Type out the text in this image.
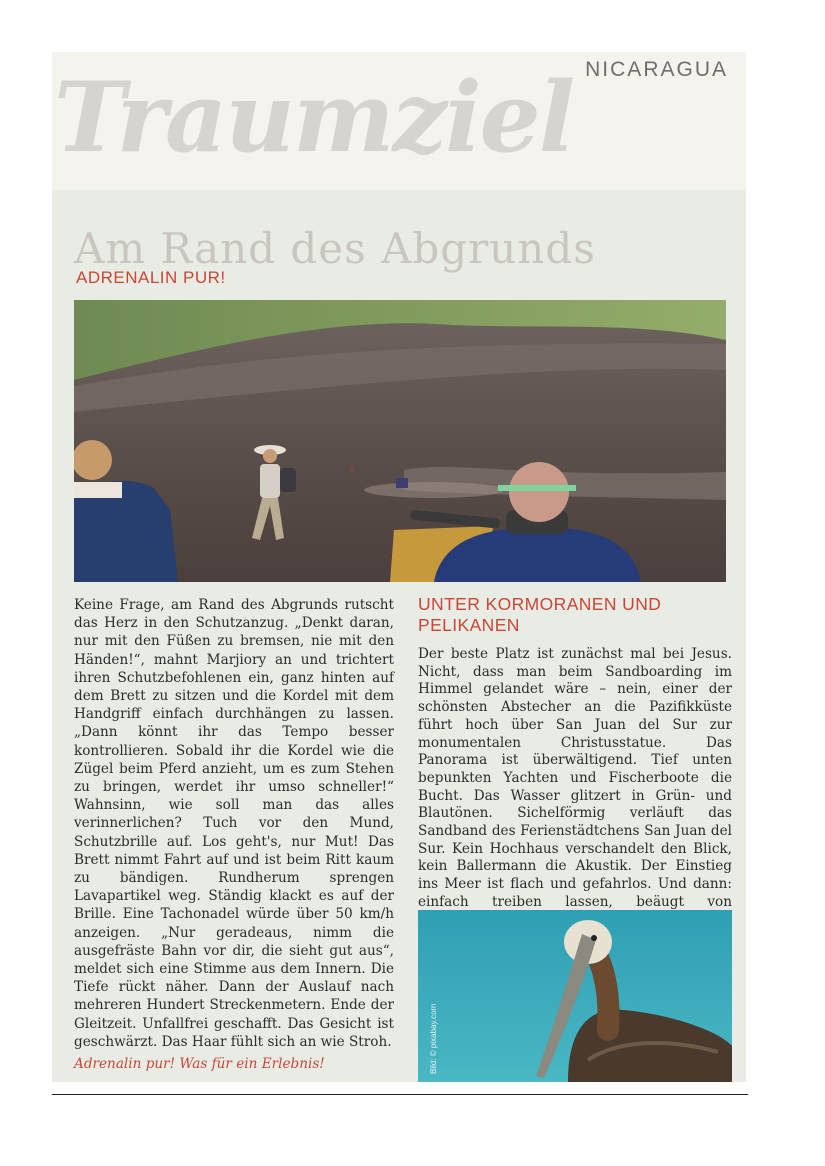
NICARAGUA
Traumziel
Am Rand des Abgrunds
ADRENALIN PUR!
Keine Frage, am Rand des Abgrunds rutscht das Herz in den Schutzanzug. „Denkt daran, nur mit den Füßen zu bremsen, nie mit den Händen!“, mahnt Marjiory an und trichtert ihren Schutzbefohlenen ein, ganz hinten auf dem Brett zu sitzen und die Kordel mit dem Handgriff einfach durchhängen zu lassen. „Dann könnt ihr das Tempo besser kontrollieren. Sobald ihr die Kordel wie die Zügel beim Pferd anzieht, um es zum Stehen zu bringen, werdet ihr umso schneller!“ Wahnsinn, wie soll man das alles verinnerlichen? Tuch vor den Mund, Schutzbrille auf. Los geht's, nur Mut! Das Brett nimmt Fahrt auf und ist beim Ritt kaum zu bändigen. Rundherum sprengen Lavapartikel weg. Ständig klackt es auf der Brille. Eine Tachonadel würde über 50 km/h anzeigen. „Nur geradeaus, nimm die ausgefräste Bahn vor dir, die sieht gut aus“, meldet sich eine Stimme aus dem Innern. Die Tiefe rückt näher. Dann der Auslauf nach mehreren Hundert Streckenmetern. Ende der Gleitzeit. Unfallfrei geschafft. Das Gesicht ist geschwärzt. Das Haar fühlt sich an wie Stroh.
Adrenalin pur! Was für ein Erlebnis!
UNTER KORMORANEN UND PELIKANEN

Der beste Platz ist zunächst mal bei Jesus. Nicht, dass man beim Sandboarding im Himmel gelandet wäre – nein, einer der schönsten Abstecher an die Pazifikküste führt hoch über San Juan del Sur zur monumentalen Christusstatue. Das Panorama ist überwältigend. Tief unten bepunkten Yachten und Fischerboote die Bucht. Das Wasser glitzert in Grün- und Blautönen. Sichelförmig verläuft das Sandband des Ferienstädtchens San Juan del Sur. Kein Hochhaus verschandelt den Blick, kein Ballermann die Akustik. Der Einstieg ins Meer ist flach und gefahrlos. Und dann: einfach treiben lassen, beäugt von

Bild: © pixabay.com
